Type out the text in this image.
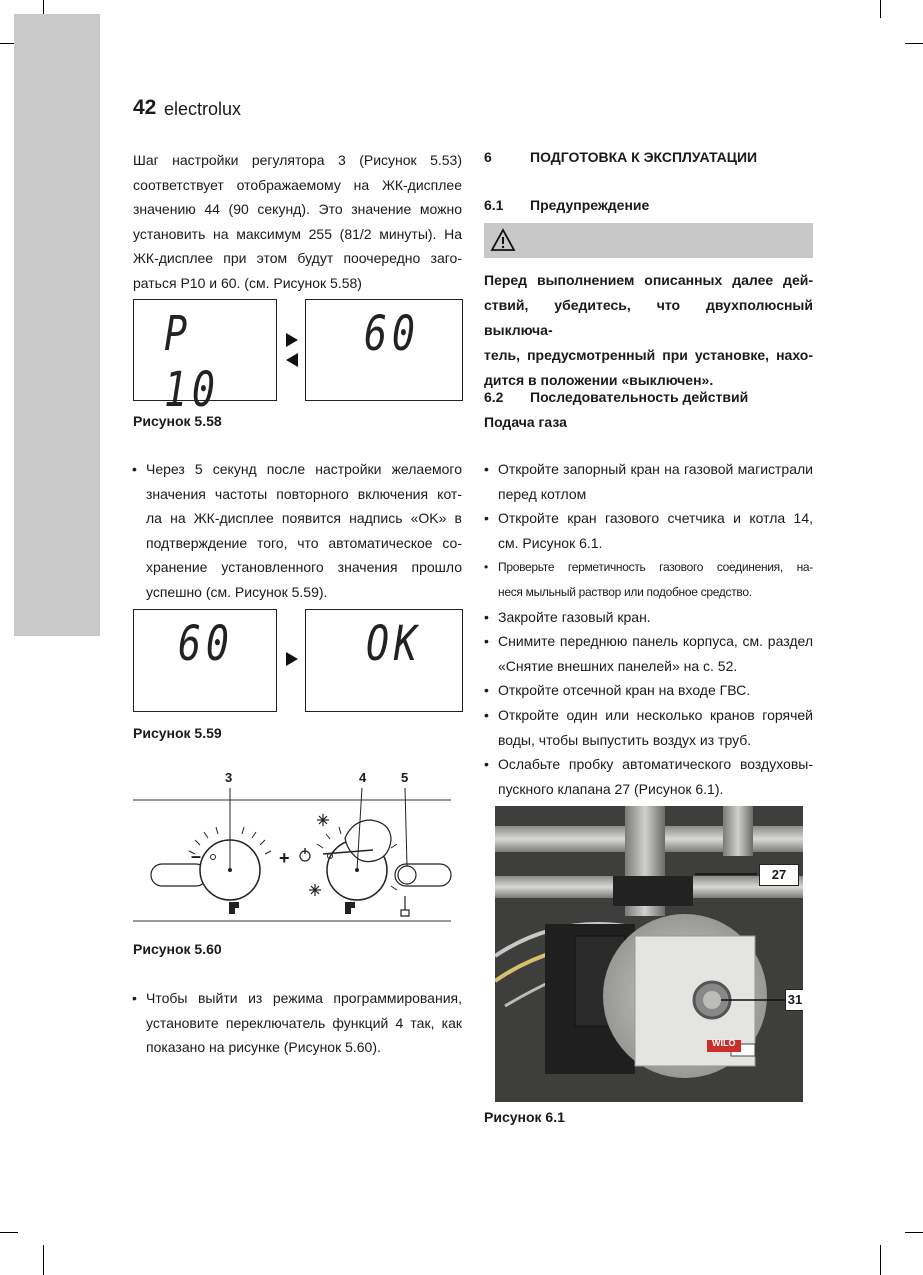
42 electrolux
Шаг настройки регулятора 3 (Рисунок 5.53)
соответствует отображаемому на ЖК-дисплее
значению 44 (90 секунд). Это значение можно
установить на максимум 255 (81/2 минуты). На
ЖК-дисплее при этом будут поочередно заго-
раться P10 и 60. (см. Рисунок 5.58)
P 10
60
Рисунок 5.58
• Через 5 секунд после настройки желаемого
значения частоты повторного включения кот-
ла на ЖК-дисплее появится надпись «OK» в
подтверждение того, что автоматическое со-
хранение установленного значения прошло
успешно (см. Рисунок 5.59).
60	OK
Рисунок 5.59
3	4	5
–	+
Рисунок 5.60
• Чтобы выйти из режима программирования,
установите переключатель функций 4 так, как
показано на рисунке (Рисунок 5.60).
6	ПОДГОТОВКА К ЭКСПЛУАТАЦИИ
6.1 Предупреждение
Перед выполнением описанных далее дей-
ствий, убедитесь, что двухполюсный выключа-
тель, предусмотренный при установке, нахо-
дится в положении «выключен».
6.2 Последовательность действий
Подача газа
• Откройте запорный кран на газовой магистрали
перед котлом
• Откройте кран газового счетчика и котла 14,
см. Рисунок 6.1.
• Проверьте герметичность газового соединения, на-
неся мыльный раствор или подобное средство.
• Закройте газовый кран.
• Снимите переднюю панель корпуса, см. раздел
«Снятие внешних панелей» на с. 52.
• Откройте отсечной кран на входе ГВС.
• Откройте один или несколько кранов горячей
воды, чтобы выпустить воздух из труб.
• Ослабьте пробку автоматического воздуховы-
пускного клапана 27 (Рисунок 6.1).
WILO
27
31
Рисунок 6.1
